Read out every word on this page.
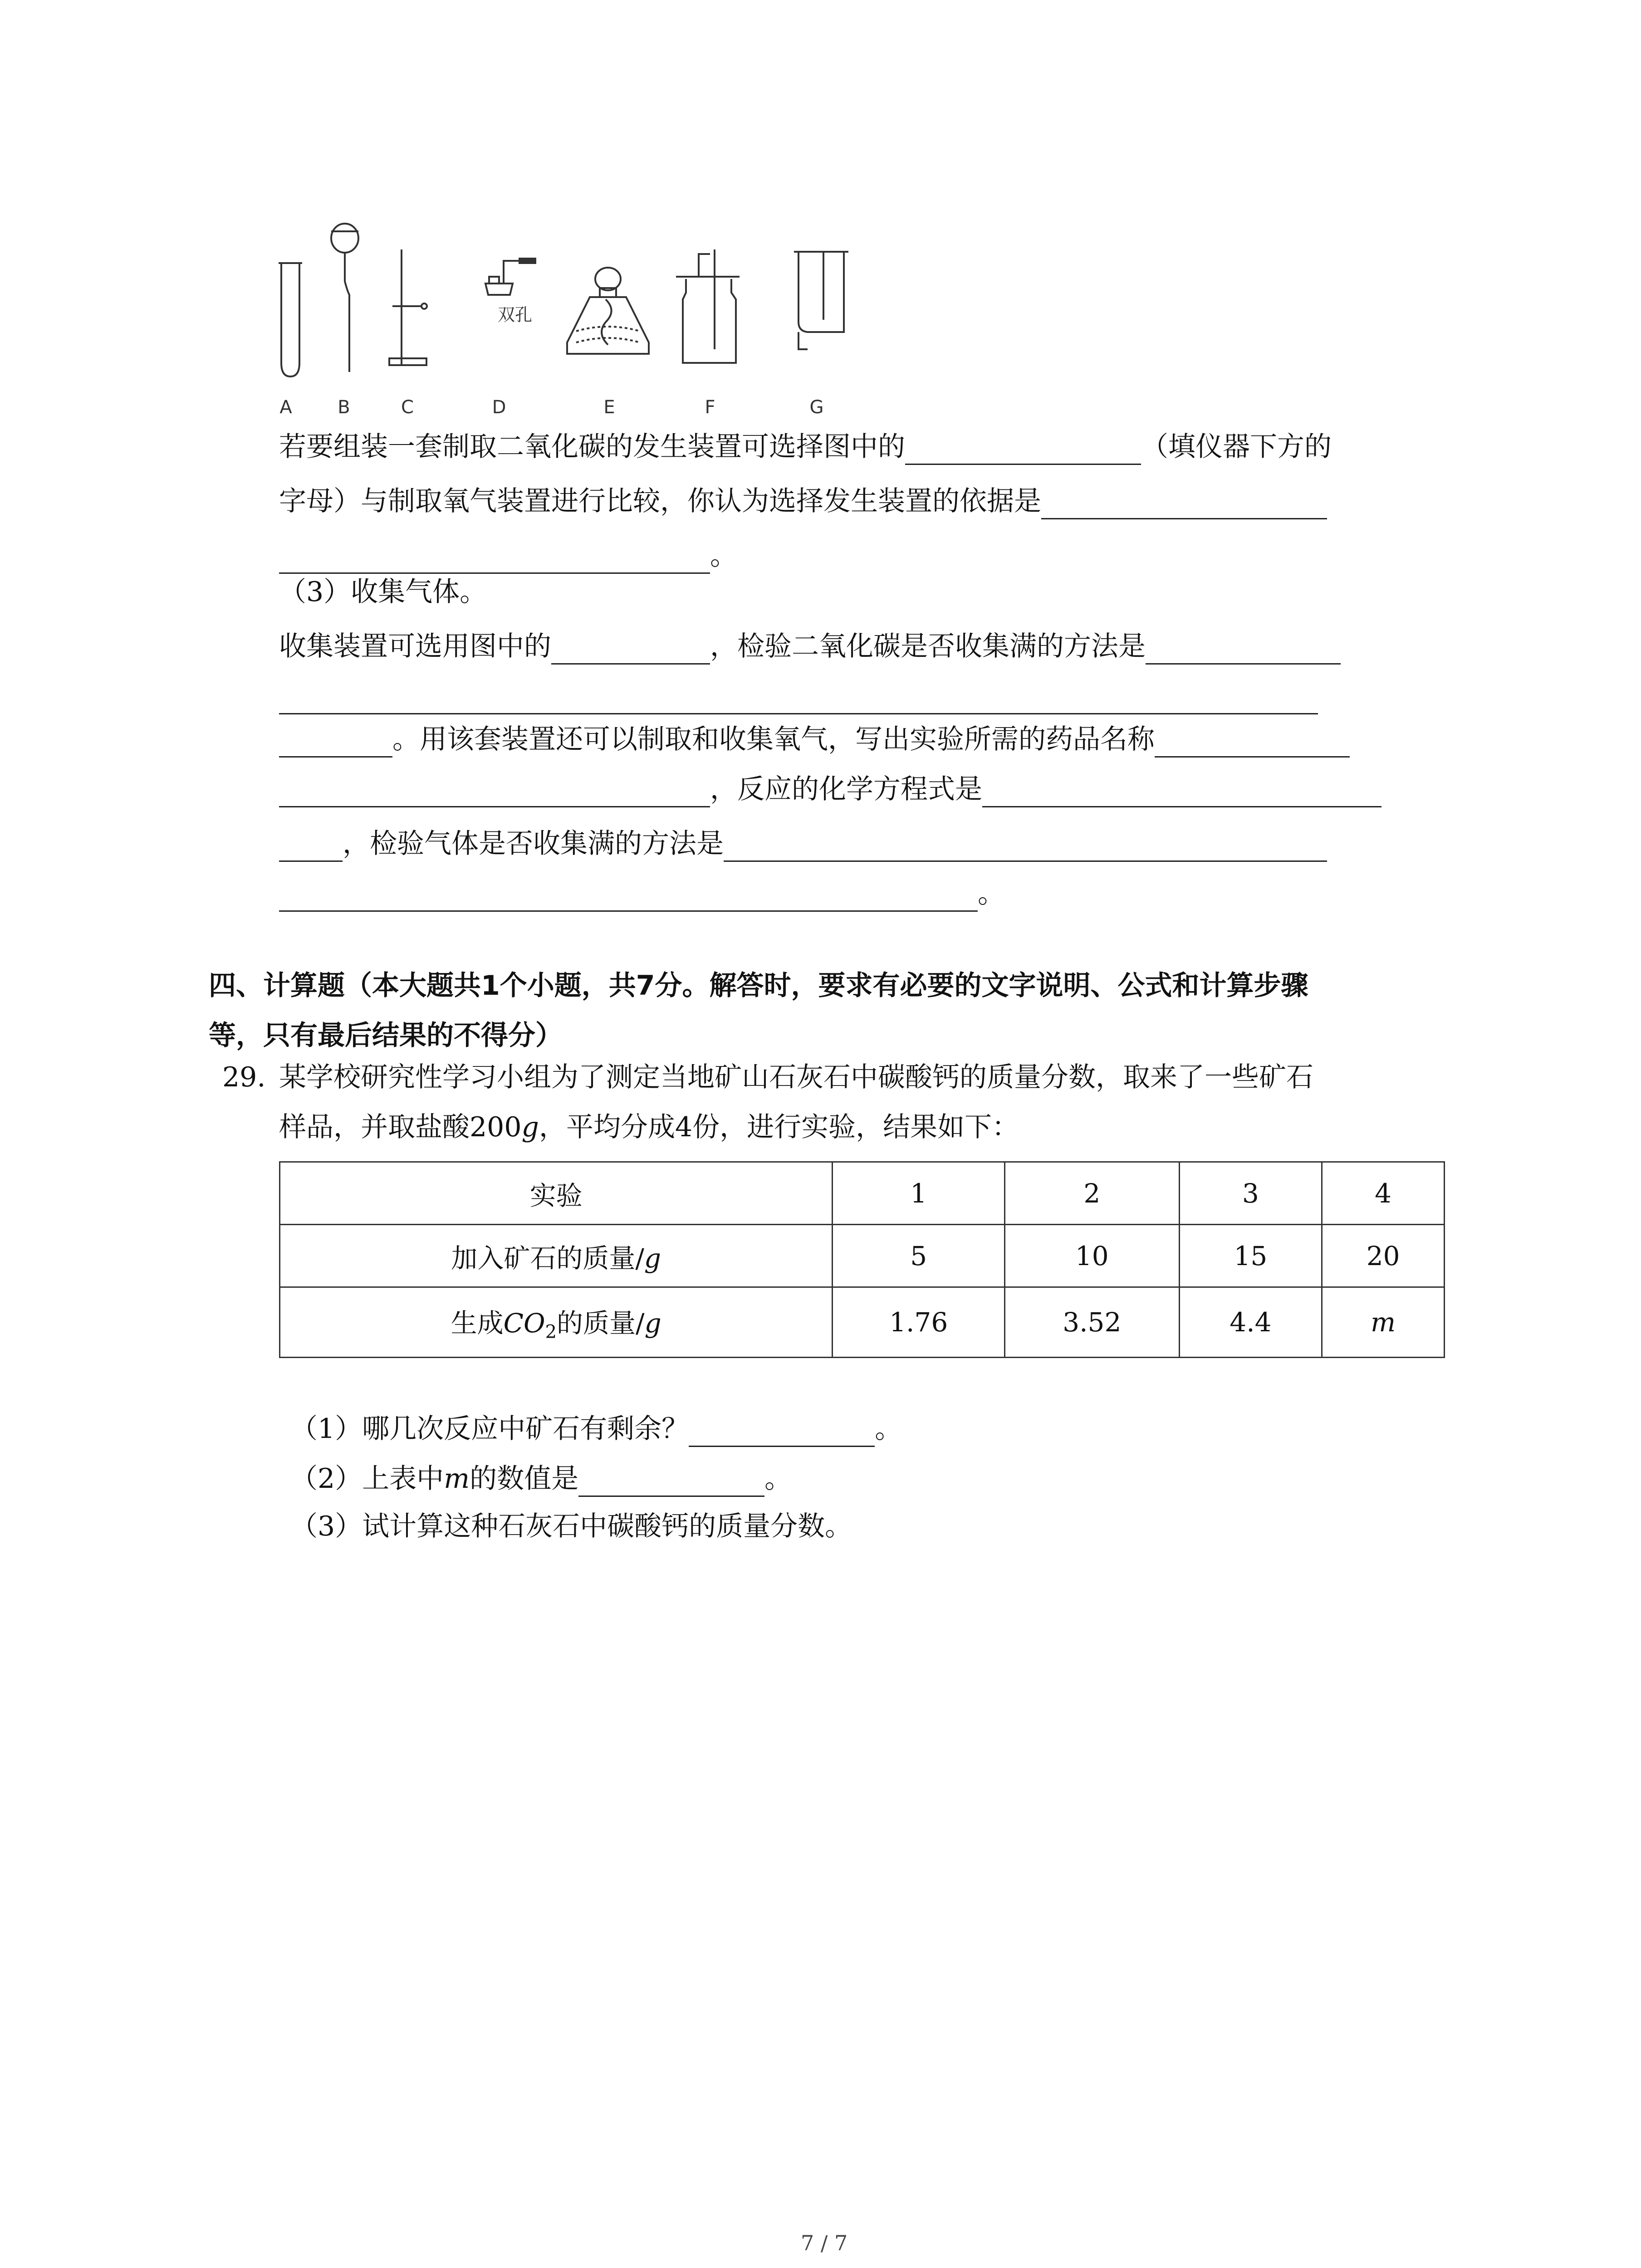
双孔
A	B	C	D	E	F	G
若要组装一套制取二氧化碳的发生装置可选择图中的	（填仪器下方的
字母）与制取氧气装置进行比较，你认为选择发生装置的依据是
。
（3）收集气体。
收集装置可选用图中的	，检验二氧化碳是否收集满的方法是
。用该套装置还可以制取和收集氧气，写出实验所需的药品名称
，反应的化学方程式是
，检验气体是否收集满的方法是
。
四、计算题（本大题共1个小题，共7分。解答时，要求有必要的文字说明、公式和计算步骤
等，只有最后结果的不得分）
29. 某学校研究性学习小组为了测定当地矿山石灰石中碳酸钙的质量分数，取来了一些矿石
样品，并取盐酸200g，平均分成4份，进行实验，结果如下：
实验	1	2	3	4
加入矿石的质量/g	5	10	15	20
生成$CO_2$的质量/g	1.76	3.52	4.4	m
（1）哪几次反应中矿石有剩余？	。
（2）上表中m的数值是	。
（3）试计算这种石灰石中碳酸钙的质量分数。
7 / 7
